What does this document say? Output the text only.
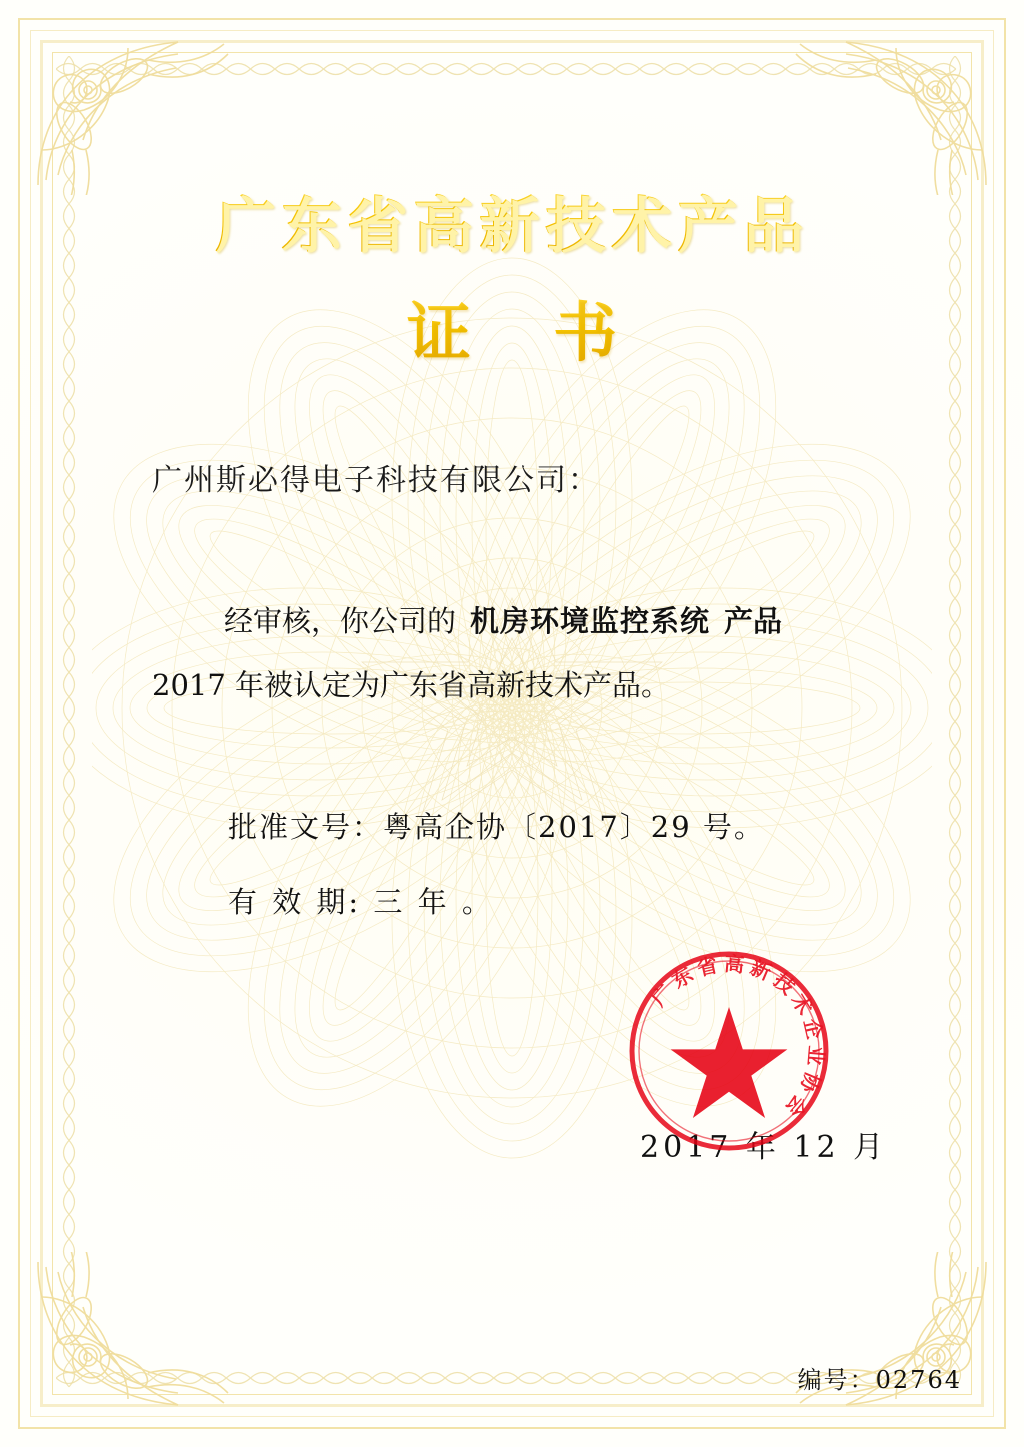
广东省高新技术产品
证 书
广州斯必得电子科技有限公司：
经审核，你公司的 机房环境监控系统 产品
2017 年被认定为广东省高新技术产品。
批准文号：粤高企协〔2017〕29 号。
有 效 期: 三 年 。
广东省高新技术企业协会
2017 年 12 月
编号：02764
